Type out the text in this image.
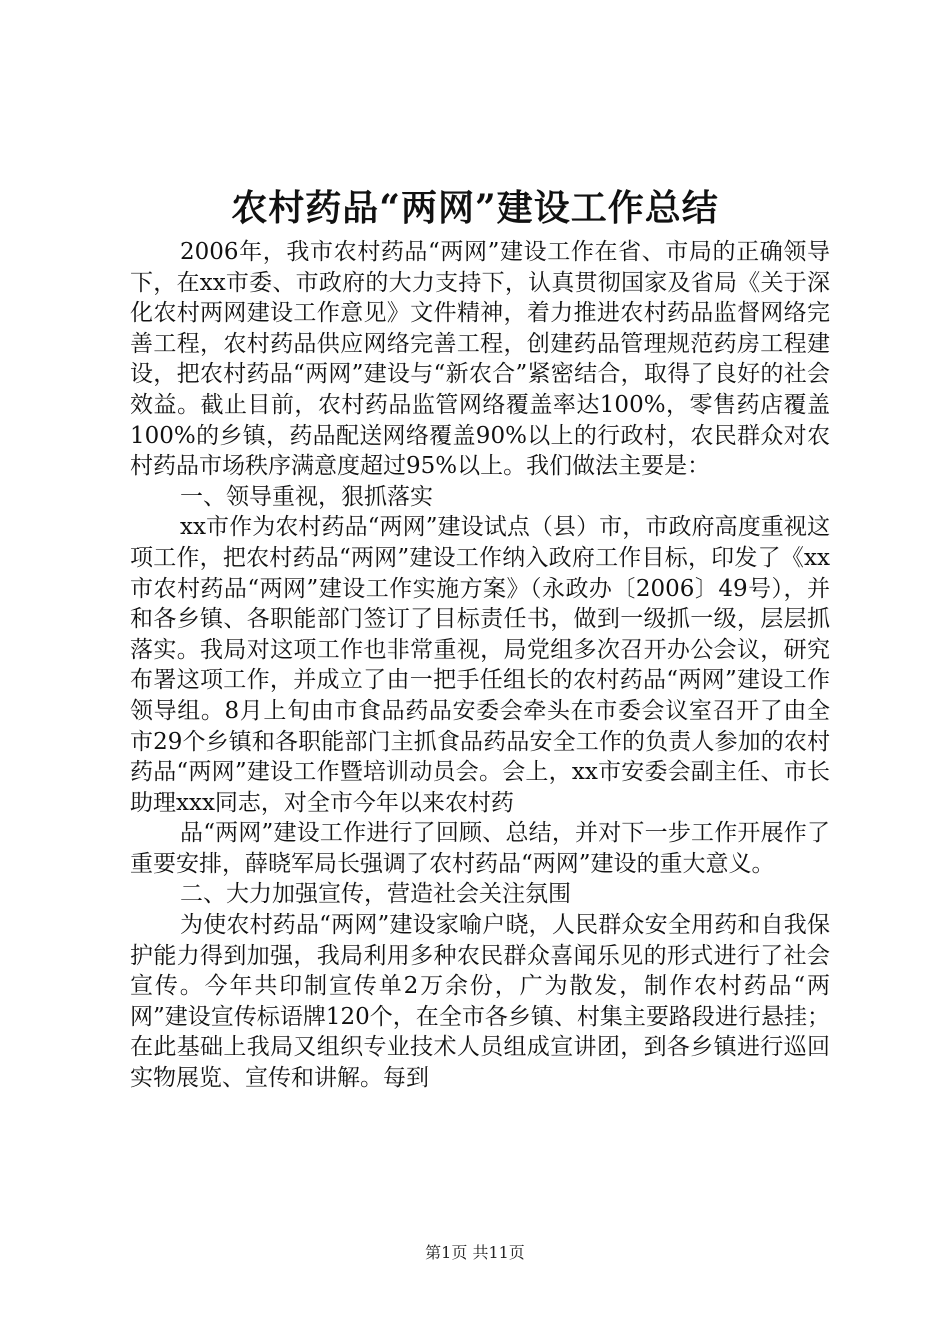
农村药品“两网”建设工作总结

2006年，我市农村药品“两网”建设工作在省、市局的正确领导下，在xx市委、市政府的大力支持下，认真贯彻国家及省局《关于深化农村两网建设工作意见》文件精神，着力推进农村药品监督网络完善工程，农村药品供应网络完善工程，创建药品管理规范药房工程建设，把农村药品“两网”建设与“新农合”紧密结合，取得了良好的社会效益。截止目前，农村药品监管网络覆盖率达100%，零售药店覆盖100%的乡镇，药品配送网络覆盖90%以上的行政村，农民群众对农村药品市场秩序满意度超过95%以上。我们做法主要是：

一、领导重视，狠抓落实

xx市作为农村药品“两网”建设试点（县）市，市政府高度重视这项工作，把农村药品“两网”建设工作纳入政府工作目标，印发了《xx市农村药品“两网”建设工作实施方案》（永政办〔2006〕49号），并和各乡镇、各职能部门签订了目标责任书，做到一级抓一级，层层抓落实。我局对这项工作也非常重视，局党组多次召开办公会议，研究布署这项工作，并成立了由一把手任组长的农村药品“两网”建设工作领导组。8月上旬由市食品药品安委会牵头在市委会议室召开了由全市29个乡镇和各职能部门主抓食品药品安全工作的负责人参加的农村药品“两网”建设工作暨培训动员会。会上，xx市安委会副主任、市长助理xxx同志，对全市今年以来农村药

品“两网”建设工作进行了回顾、总结，并对下一步工作开展作了重要安排，薛晓军局长强调了农村药品“两网”建设的重大意义。

二、大力加强宣传，营造社会关注氛围

为使农村药品“两网”建设家喻户晓，人民群众安全用药和自我保护能力得到加强，我局利用多种农民群众喜闻乐见的形式进行了社会宣传。今年共印制宣传单2万余份，广为散发，制作农村药品“两网”建设宣传标语牌120个，在全市各乡镇、村集主要路段进行悬挂；在此基础上我局又组织专业技术人员组成宣讲团，到各乡镇进行巡回实物展览、宣传和讲解。每到

第1页 共11页
